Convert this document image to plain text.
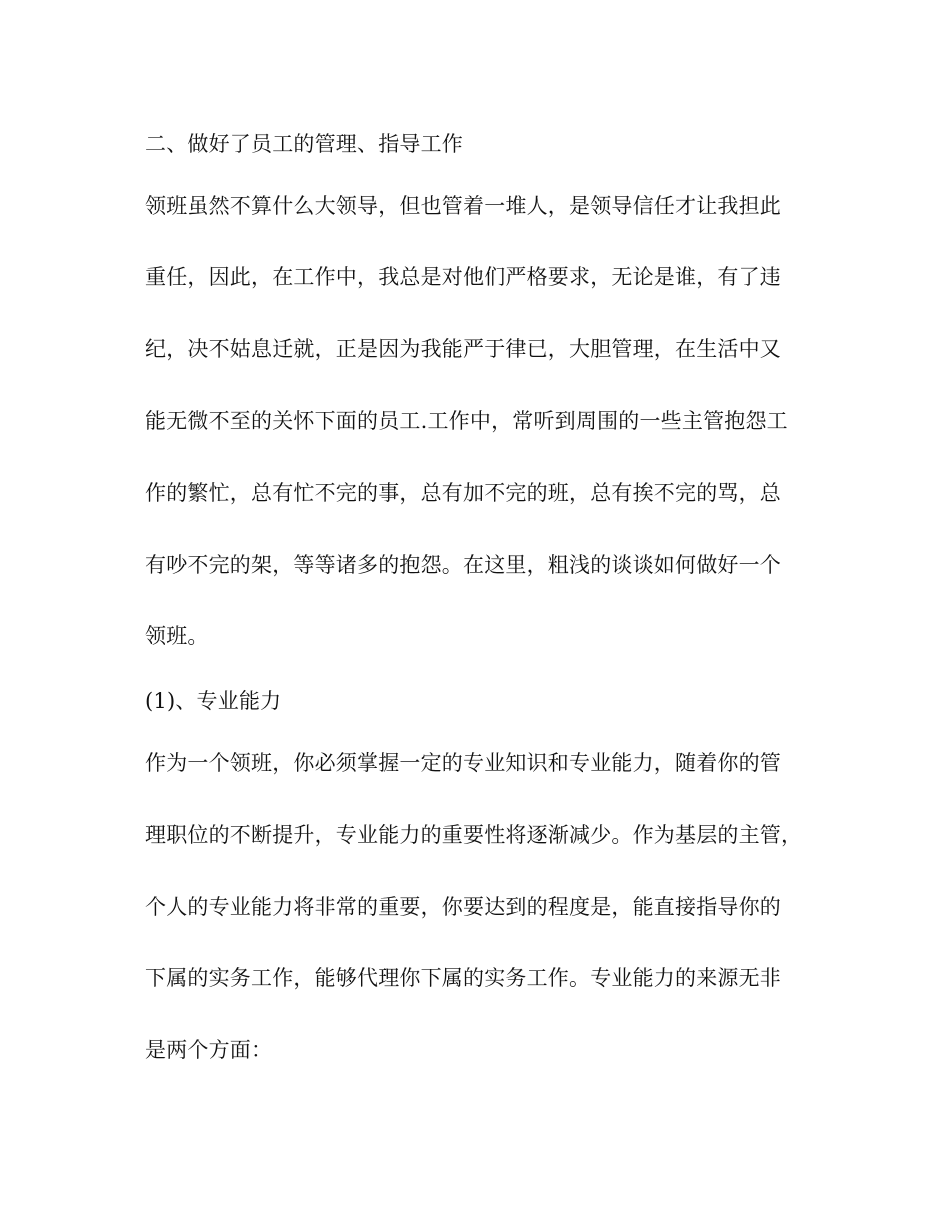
二、做好了员工的管理、指导工作
领班虽然不算什么大领导，但也管着一堆人，是领导信任才让我担此
重任，因此，在工作中，我总是对他们严格要求，无论是谁，有了违
纪，决不姑息迁就，正是因为我能严于律已，大胆管理，在生活中又
能无微不至的关怀下面的员工.工作中，常听到周围的一些主管抱怨工
作的繁忙，总有忙不完的事，总有加不完的班，总有挨不完的骂，总
有吵不完的架，等等诸多的抱怨。在这里，粗浅的谈谈如何做好一个
领班。
(1)、专业能力
作为一个领班，你必须掌握一定的专业知识和专业能力，随着你的管
理职位的不断提升，专业能力的重要性将逐渐减少。作为基层的主管，
个人的专业能力将非常的重要，你要达到的程度是，能直接指导你的
下属的实务工作，能够代理你下属的实务工作。专业能力的来源无非
是两个方面：
